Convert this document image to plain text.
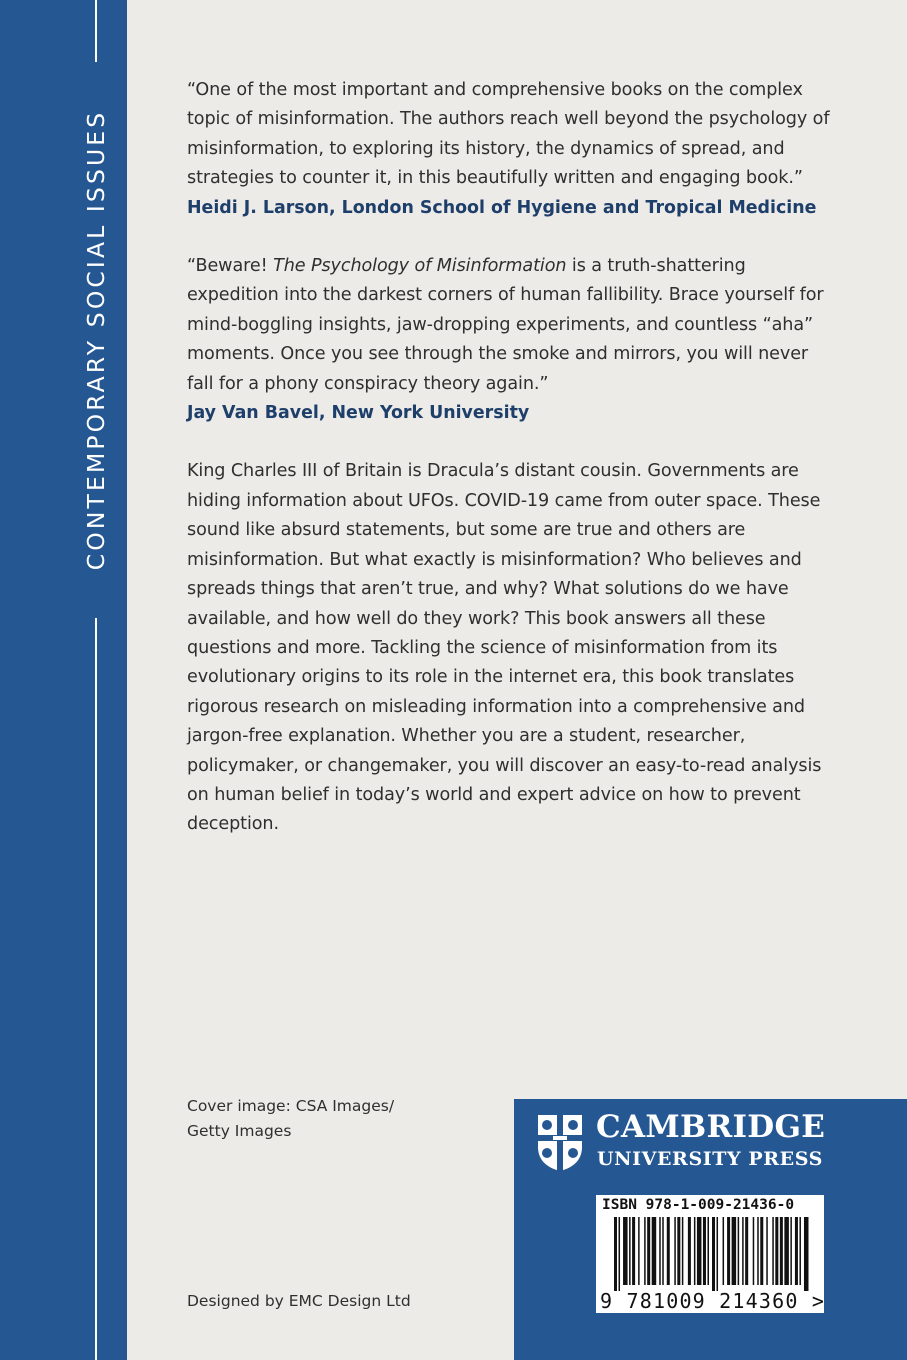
CONTEMPORARY SOCIAL ISSUES

“One of the most important and comprehensive books on the complex topic of misinformation. The authors reach well beyond the psychology of misinformation, to exploring its history, the dynamics of spread, and strategies to counter it, in this beautifully written and engaging book.”

Heidi J. Larson, London School of Hygiene and Tropical Medicine

“Beware! The Psychology of Misinformation is a truth-shattering expedition into the darkest corners of human fallibility. Brace yourself for mind-boggling insights, jaw-dropping experiments, and countless “aha” moments. Once you see through the smoke and mirrors, you will never fall for a phony conspiracy theory again.”

Jay Van Bavel, New York University

King Charles III of Britain is Dracula’s distant cousin. Governments are hiding information about UFOs. COVID-19 came from outer space. These sound like absurd statements, but some are true and others are misinformation. But what exactly is misinformation? Who believes and spreads things that aren’t true, and why? What solutions do we have available, and how well do they work? This book answers all these questions and more. Tackling the science of misinformation from its evolutionary origins to its role in the internet era, this book translates rigorous research on misleading information into a comprehensive and jargon-free explanation. Whether you are a student, researcher, policymaker, or changemaker, you will discover an easy-to-read analysis on human belief in today’s world and expert advice on how to prevent deception.

Cover image: CSA Images/
Getty Images
Designed by EMC Design Ltd
CAMBRIDGE
UNIVERSITY PRESS
ISBN 978-1-009-21436-0
9 781009 214360 >
